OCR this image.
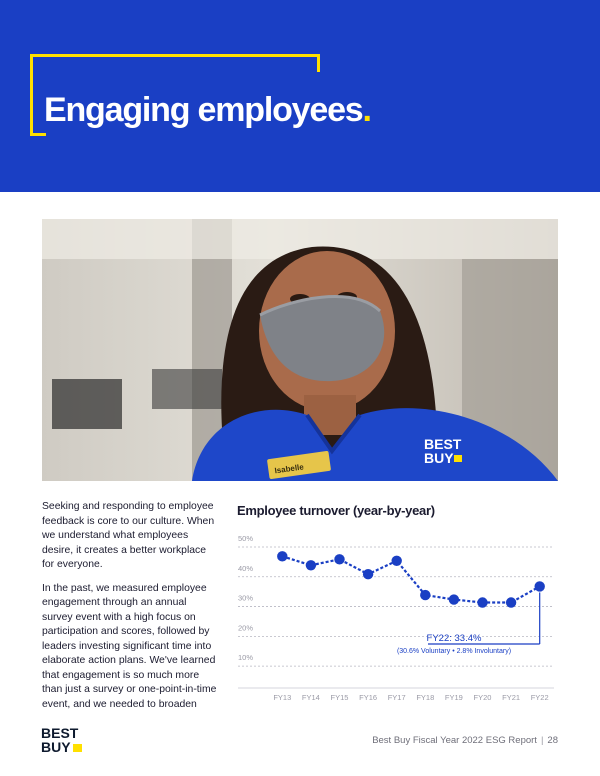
Engaging employees.
Isabelle
BEST
BUY

Seeking and responding to employee feedback is core to our culture. When we understand what employees desire, it creates a better workplace for everyone.

In the past, we measured employee engagement through an annual survey event with a high focus on participation and scores, followed by leaders investing significant time into elaborate action plans. We've learned that engagement is so much more than just a survey or one-point-in-time event, and we needed to broaden

Employee turnover (year-by-year)
50%
40%
30%
20%
10%
FY13 FY14 FY15 FY16 FY17 FY18 FY19 FY20 FY21 FY22
FY22: 33.4%
(30.6% Voluntary • 2.8% Involuntary)
BEST
BUY	Best Buy Fiscal Year 2022 ESG Report | 28
